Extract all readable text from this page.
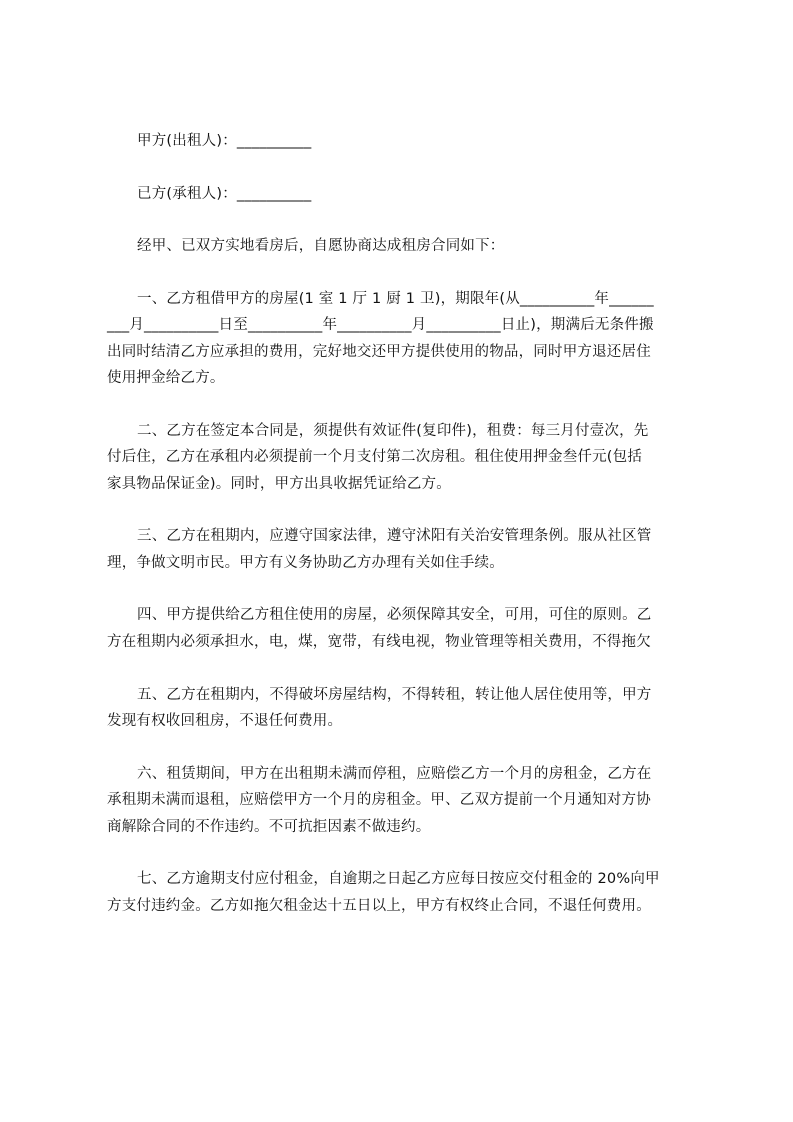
甲方(出租人)：__________
已方(承租人)：__________
经甲、已双方实地看房后，自愿协商达成租房合同如下：
一、乙方租借甲方的房屋(1 室 1 厅 1 厨 1 卫)，期限年(从__________年______
___月__________日至__________年__________月__________日止)，期满后无条件搬
出同时结清乙方应承担的费用，完好地交还甲方提供使用的物品，同时甲方退还居住
使用押金给乙方。
二、乙方在签定本合同是，须提供有效证件(复印件)，租费：每三月付壹次，先
付后住，乙方在承租内必须提前一个月支付第二次房租。租住使用押金叁仟元(包括
家具物品保证金)。同时，甲方出具收据凭证给乙方。
三、乙方在租期内，应遵守国家法律，遵守沭阳有关治安管理条例。服从社区管
理，争做文明市民。甲方有义务协助乙方办理有关如住手续。
四、甲方提供给乙方租住使用的房屋，必须保障其安全，可用，可住的原则。乙
方在租期内必须承担水，电，煤，宽带，有线电视，物业管理等相关费用，不得拖欠
五、乙方在租期内，不得破坏房屋结构，不得转租，转让他人居住使用等，甲方
发现有权收回租房，不退任何费用。
六、租赁期间，甲方在出租期未满而停租，应赔偿乙方一个月的房租金，乙方在
承租期未满而退租，应赔偿甲方一个月的房租金。甲、乙双方提前一个月通知对方协
商解除合同的不作违约。不可抗拒因素不做违约。
七、乙方逾期支付应付租金，自逾期之日起乙方应每日按应交付租金的 20%向甲
方支付违约金。乙方如拖欠租金达十五日以上，甲方有权终止合同，不退任何费用。
